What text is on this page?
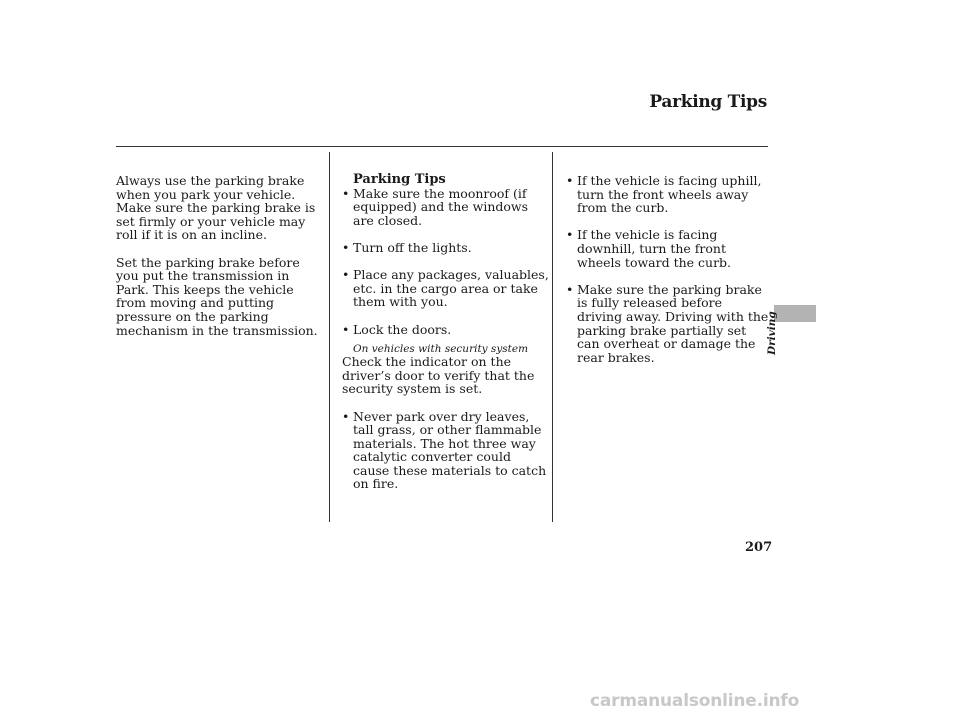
Parking Tips

Always use the parking brake when you park your vehicle. Make sure the parking brake is set firmly or your vehicle may roll if it is on an incline.

Set the parking brake before you put the transmission in Park. This keeps the vehicle from moving and putting pressure on the parking mechanism in the transmission.

Parking Tips
• Make sure the moonroof (if equipped) and the windows are closed.
• Turn off the lights.
• Place any packages, valuables, etc. in the cargo area or take them with you.
• Lock the doors.
On vehicles with security system

Check the indicator on the driver’s door to verify that the security system is set.

• Never park over dry leaves, tall grass, or other flammable materials. The hot three way catalytic converter could cause these materials to catch on fire.
• If the vehicle is facing uphill, turn the front wheels away from the curb.
• If the vehicle is facing downhill, turn the front wheels toward the curb.
• Make sure the parking brake is fully released before driving away. Driving with the parking brake partially set can overheat or damage the rear brakes.
Driving
207
carmanualsonline.info
